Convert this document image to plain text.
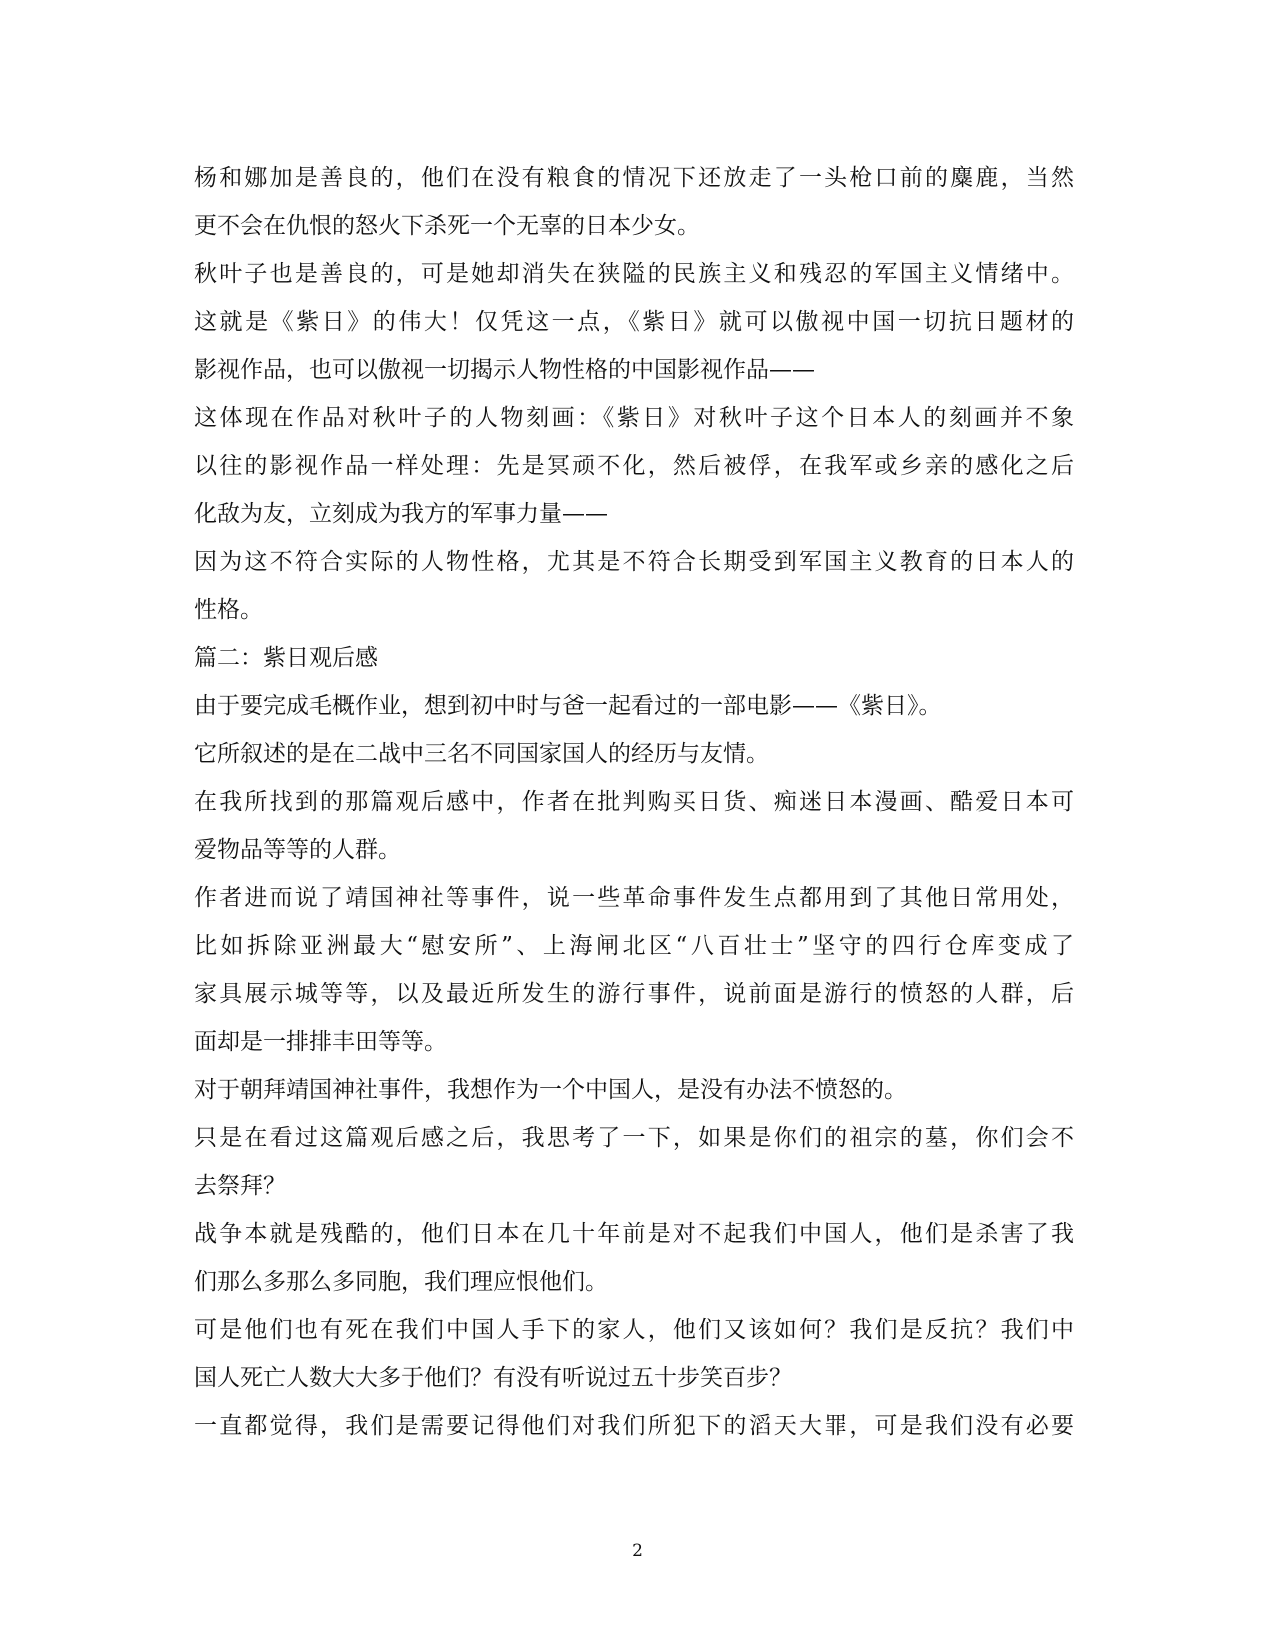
杨和娜加是善良的，他们在没有粮食的情况下还放走了一头枪口前的麋鹿，当然
更不会在仇恨的怒火下杀死一个无辜的日本少女。
秋叶子也是善良的，可是她却消失在狭隘的民族主义和残忍的军国主义情绪中。
这就是《紫日》的伟大！仅凭这一点，《紫日》就可以傲视中国一切抗日题材的
影视作品，也可以傲视一切揭示人物性格的中国影视作品——
这体现在作品对秋叶子的人物刻画：《紫日》对秋叶子这个日本人的刻画并不象
以往的影视作品一样处理：先是冥顽不化，然后被俘，在我军或乡亲的感化之后
化敌为友，立刻成为我方的军事力量——
因为这不符合实际的人物性格，尤其是不符合长期受到军国主义教育的日本人的
性格。
篇二：紫日观后感
由于要完成毛概作业，想到初中时与爸一起看过的一部电影——《紫日》。
它所叙述的是在二战中三名不同国家国人的经历与友情。
在我所找到的那篇观后感中，作者在批判购买日货、痴迷日本漫画、酷爱日本可
爱物品等等的人群。
作者进而说了靖国神社等事件，说一些革命事件发生点都用到了其他日常用处，
比如拆除亚洲最大“慰安所”、上海闸北区“八百壮士”坚守的四行仓库变成了
家具展示城等等，以及最近所发生的游行事件，说前面是游行的愤怒的人群，后
面却是一排排丰田等等。
对于朝拜靖国神社事件，我想作为一个中国人，是没有办法不愤怒的。
只是在看过这篇观后感之后，我思考了一下，如果是你们的祖宗的墓，你们会不
去祭拜？
战争本就是残酷的，他们日本在几十年前是对不起我们中国人，他们是杀害了我
们那么多那么多同胞，我们理应恨他们。
可是他们也有死在我们中国人手下的家人，他们又该如何？我们是反抗？我们中
国人死亡人数大大多于他们？有没有听说过五十步笑百步？
一直都觉得，我们是需要记得他们对我们所犯下的滔天大罪，可是我们没有必要
2
